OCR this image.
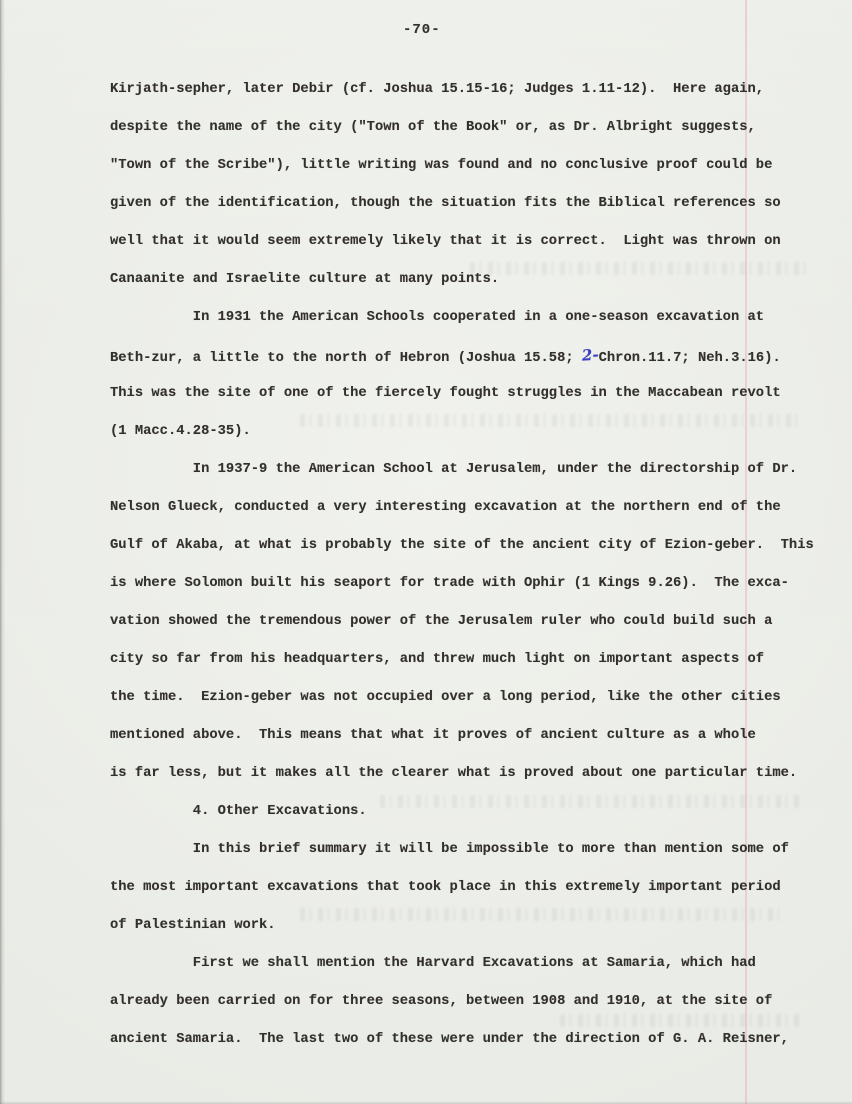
-70-
Kirjath-sepher, later Debir (cf. Joshua 15.15-16; Judges 1.11-12).  Here again,
despite the name of the city ("Town of the Book" or, as Dr. Albright suggests,
"Town of the Scribe"), little writing was found and no conclusive proof could be
given of the identification, though the situation fits the Biblical references so
well that it would seem extremely likely that it is correct.  Light was thrown on
Canaanite and Israelite culture at many points.
In 1931 the American Schools cooperated in a one-season excavation at
Beth-zur, a little to the north of Hebron (Joshua 15.58; 2-Chron.11.7; Neh.3.16).
This was the site of one of the fiercely fought struggles in the Maccabean revolt
(1 Macc.4.28-35).
In 1937-9 the American School at Jerusalem, under the directorship of Dr.
Nelson Glueck, conducted a very interesting excavation at the northern end of the
Gulf of Akaba, at what is probably the site of the ancient city of Ezion-geber.  This
is where Solomon built his seaport for trade with Ophir (1 Kings 9.26).  The exca-
vation showed the tremendous power of the Jerusalem ruler who could build such a
city so far from his headquarters, and threw much light on important aspects of
the time.  Ezion-geber was not occupied over a long period, like the other cities
mentioned above.  This means that what it proves of ancient culture as a whole
is far less, but it makes all the clearer what is proved about one particular time.
4. Other Excavations.
In this brief summary it will be impossible to more than mention some of
the most important excavations that took place in this extremely important period
of Palestinian work.
First we shall mention the Harvard Excavations at Samaria, which had
already been carried on for three seasons, between 1908 and 1910, at the site of
ancient Samaria.  The last two of these were under the direction of G. A. Reisner,
